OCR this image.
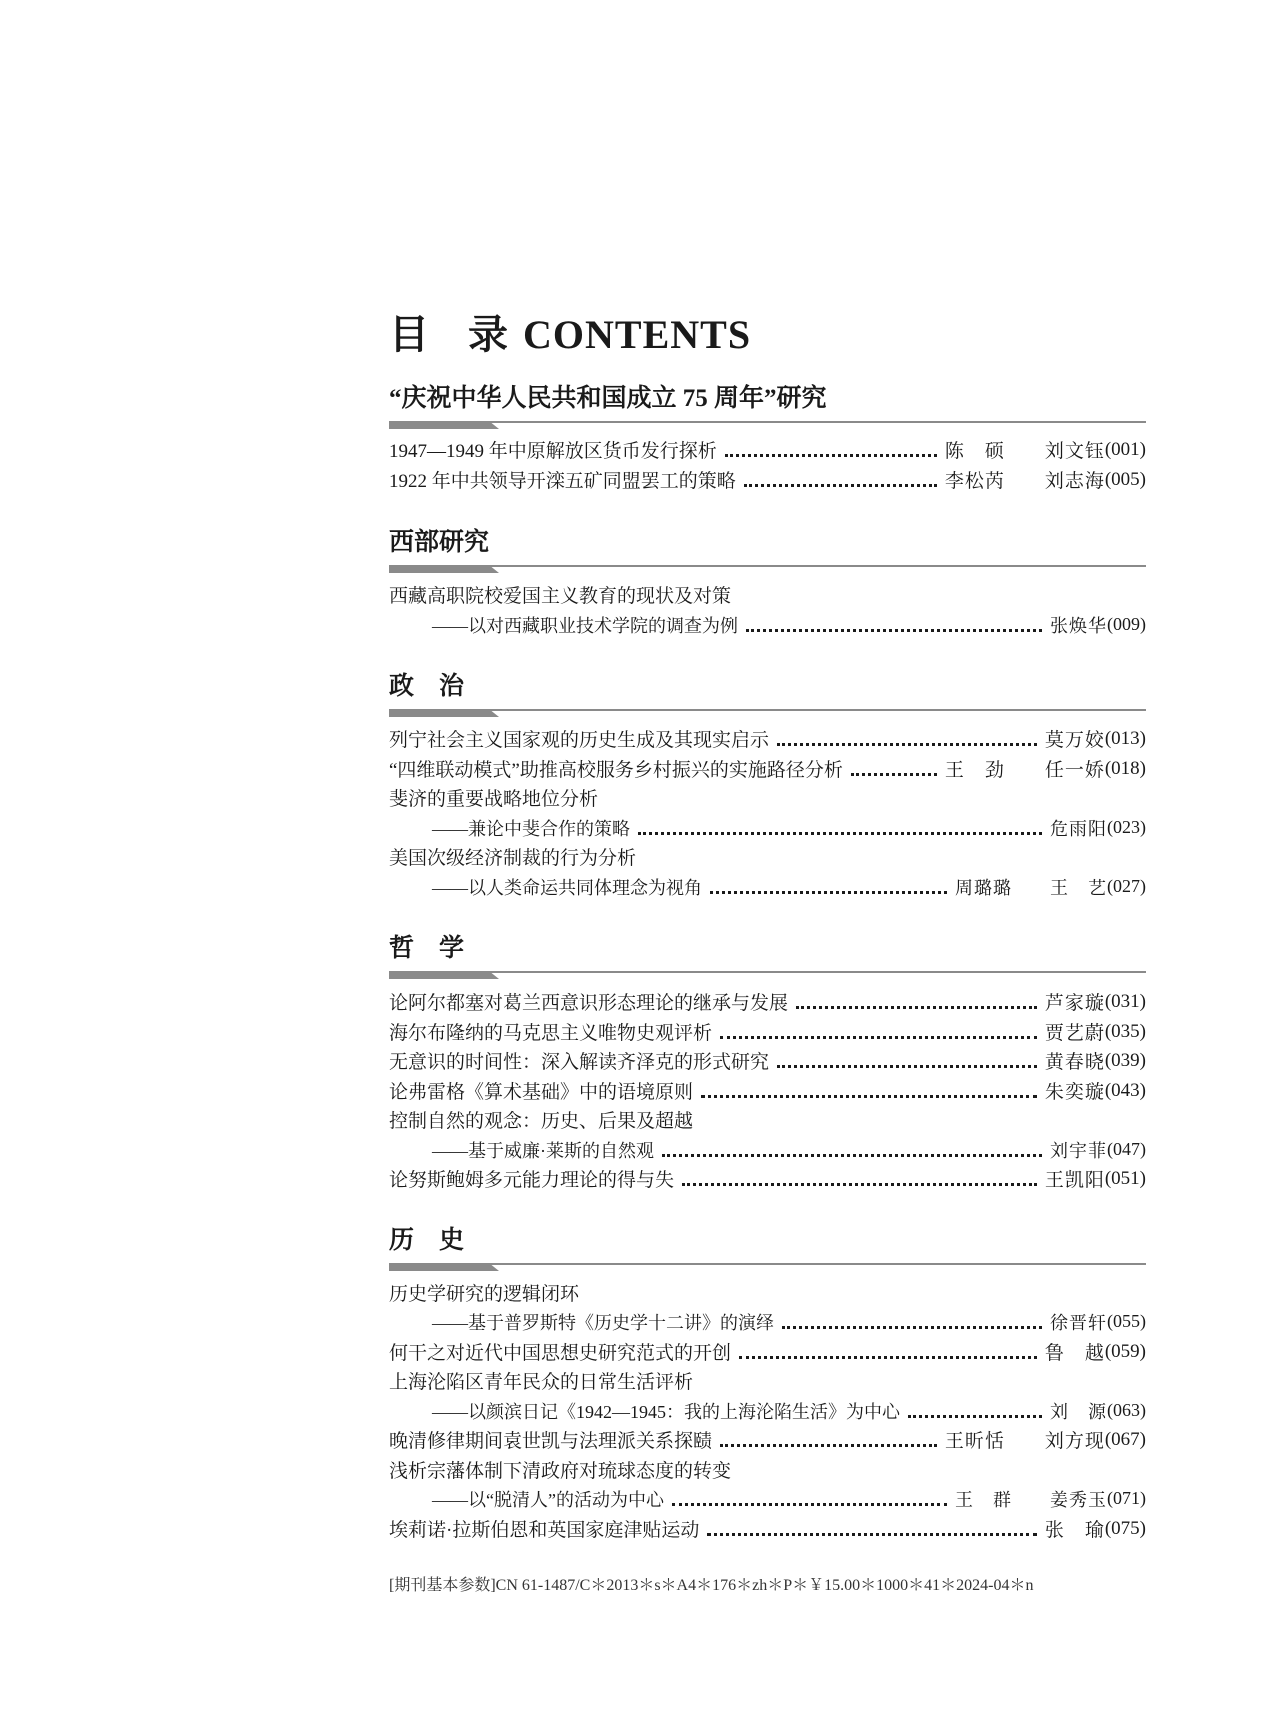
目 录 CONTENTS
“庆祝中华人民共和国成立 75 周年”研究
1947—1949 年中原解放区货币发行探析	陈　硕　　刘文钰 (001)
1922 年中共领导开滦五矿同盟罢工的策略	李松芮　　刘志海 (005)
西部研究
西藏高职院校爱国主义教育的现状及对策
——以对西藏职业技术学院的调查为例	张焕华 (009)
政　治
列宁社会主义国家观的历史生成及其现实启示	莫万姣 (013)
“四维联动模式”助推高校服务乡村振兴的实施路径分析	王　劲　　任一娇 (018)
斐济的重要战略地位分析
——兼论中斐合作的策略	危雨阳 (023)
美国次级经济制裁的行为分析
——以人类命运共同体理念为视角	周璐璐　　王　艺 (027)
哲　学
论阿尔都塞对葛兰西意识形态理论的继承与发展	芦家璇 (031)
海尔布隆纳的马克思主义唯物史观评析	贾艺蔚 (035)
无意识的时间性：深入解读齐泽克的形式研究	黄春晓 (039)
论弗雷格《算术基础》中的语境原则	朱奕璇 (043)
控制自然的观念：历史、后果及超越
——基于威廉·莱斯的自然观	刘宇菲 (047)
论努斯鲍姆多元能力理论的得与失	王凯阳 (051)
历　史
历史学研究的逻辑闭环
——基于普罗斯特《历史学十二讲》的演绎	徐晋轩 (055)
何干之对近代中国思想史研究范式的开创	鲁　越 (059)
上海沦陷区青年民众的日常生活评析
——以颜滨日记《1942—1945：我的上海沦陷生活》为中心	刘　源 (063)
晚清修律期间袁世凯与法理派关系探赜	王昕恬　　刘方现 (067)
浅析宗藩体制下清政府对琉球态度的转变
——以“脱清人”的活动为中心	王　群　　姜秀玉 (071)
埃莉诺·拉斯伯恩和英国家庭津贴运动	张　瑜 (075)
[期刊基本参数]CN 61-1487/C＊2013＊s＊A4＊176＊zh＊P＊￥15.00＊1000＊41＊2024-04＊n
